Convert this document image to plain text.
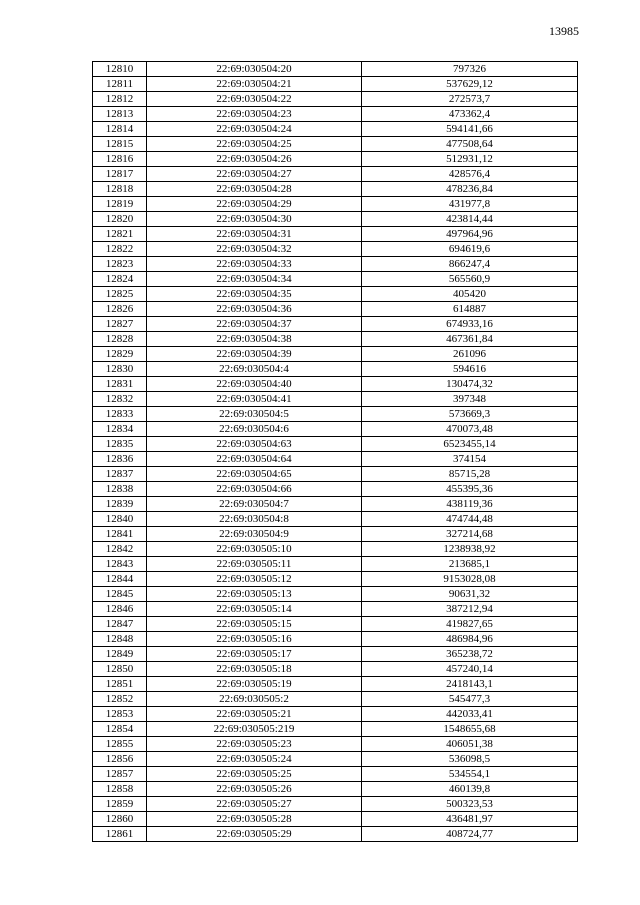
13985
12810	22:69:030504:20	797326
12811	22:69:030504:21	537629,12
12812	22:69:030504:22	272573,7
12813	22:69:030504:23	473362,4
12814	22:69:030504:24	594141,66
12815	22:69:030504:25	477508,64
12816	22:69:030504:26	512931,12
12817	22:69:030504:27	428576,4
12818	22:69:030504:28	478236,84
12819	22:69:030504:29	431977,8
12820	22:69:030504:30	423814,44
12821	22:69:030504:31	497964,96
12822	22:69:030504:32	694619,6
12823	22:69:030504:33	866247,4
12824	22:69:030504:34	565560,9
12825	22:69:030504:35	405420
12826	22:69:030504:36	614887
12827	22:69:030504:37	674933,16
12828	22:69:030504:38	467361,84
12829	22:69:030504:39	261096
12830	22:69:030504:4	594616
12831	22:69:030504:40	130474,32
12832	22:69:030504:41	397348
12833	22:69:030504:5	573669,3
12834	22:69:030504:6	470073,48
12835	22:69:030504:63	6523455,14
12836	22:69:030504:64	374154
12837	22:69:030504:65	85715,28
12838	22:69:030504:66	455395,36
12839	22:69:030504:7	438119,36
12840	22:69:030504:8	474744,48
12841	22:69:030504:9	327214,68
12842	22:69:030505:10	1238938,92
12843	22:69:030505:11	213685,1
12844	22:69:030505:12	9153028,08
12845	22:69:030505:13	90631,32
12846	22:69:030505:14	387212,94
12847	22:69:030505:15	419827,65
12848	22:69:030505:16	486984,96
12849	22:69:030505:17	365238,72
12850	22:69:030505:18	457240,14
12851	22:69:030505:19	2418143,1
12852	22:69:030505:2	545477,3
12853	22:69:030505:21	442033,41
12854	22:69:030505:219	1548655,68
12855	22:69:030505:23	406051,38
12856	22:69:030505:24	536098,5
12857	22:69:030505:25	534554,1
12858	22:69:030505:26	460139,8
12859	22:69:030505:27	500323,53
12860	22:69:030505:28	436481,97
12861	22:69:030505:29	408724,77
